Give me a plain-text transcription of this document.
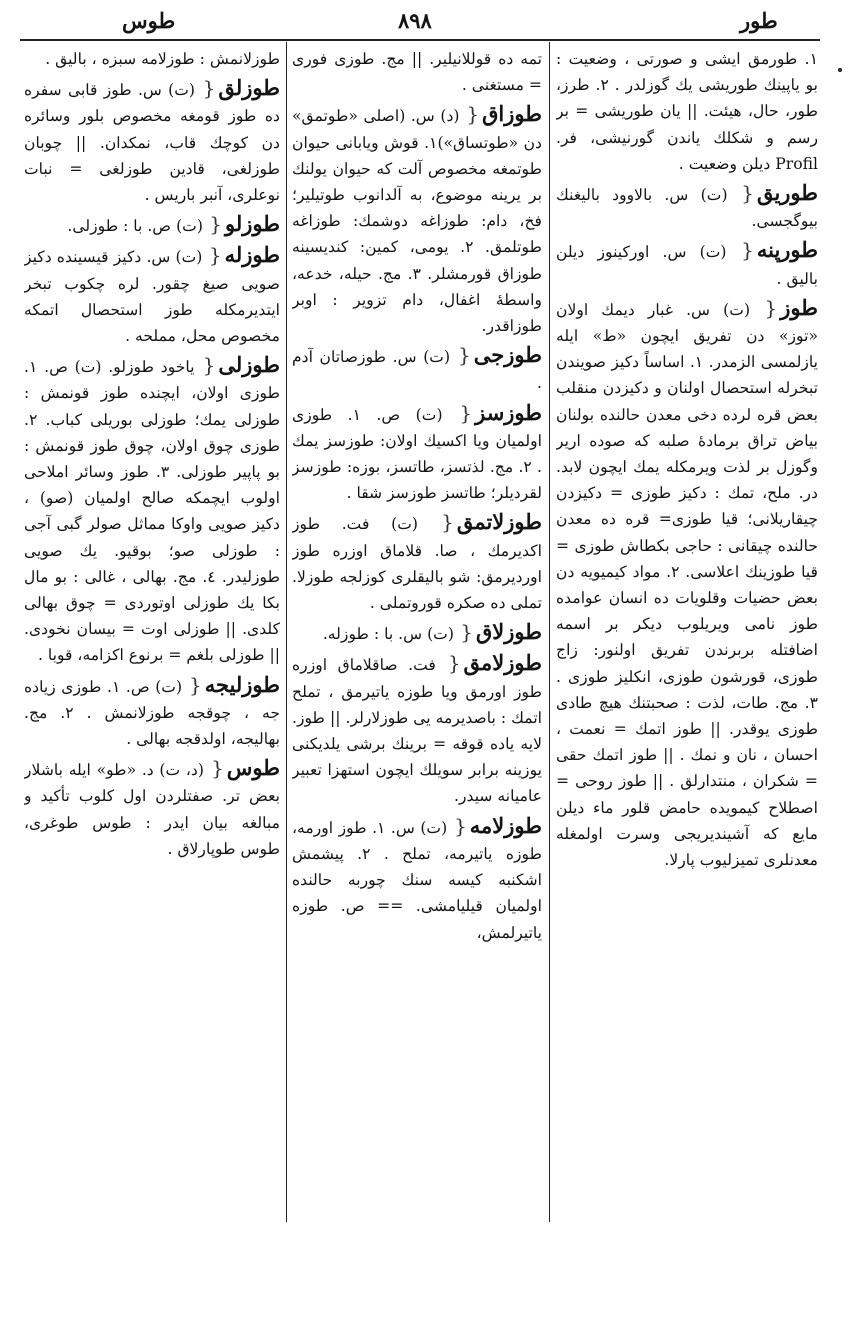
طوس	٨٩٨	طور
١. طورمق ایشی و صورتی ، وضعیت : بو یاپینك طوریشی یك گوزلدر . ٢. طرز، طور، حال، هیئت. || یان طوریشی = بر رسم و شكلك یاندن گورنیشی، فر. Profil دیلن وضعیت .
طوریق{ (ت) س. بالاوود بالیغنك بیوگجسی.
طورپنه{ (ت) س. اوركینوز دیلن بالیق .
طوز{ (ت) س. غبار دیمك اولان «توز» دن تفریق ایچون «ط» ایله یازلمسی الزمدر. ١. اساساً دكیز صویندن تبخرله استحصال اولنان و دكیزدن منقلب بعض قره لرده دخی معدن حالنده بولنان بیاض تراق برمادهٔ صلبه كه صوده اریر وگوزل بر لذت ویرمكله یمك ایچون لابد. در. ملح، تمك : دكیز طوزی = دكیزدن چیقاریلانی؛ قیا طوزی= قره ده معدن حالنده چیقانی : حاجی بكطاش طوزی = قیا طوزینك اعلاسی. ٢. مواد كیمیویه دن بعض حضیات وقلویات ده انسان عوامده طوز نامی ویریلوب دیكر بر اسمه اضافتله بربرندن تفریق اولنور: زاج طوزی، قورشون طوزی، انكلیز طوزی . ٣. مج. طات، لذت : صحبتنك هیچ طادی طوزی یوقدر. || طوز اتمك = نعمت ، احسان ، نان و نمك . || طوز اتمك حقی = شكران ، منتدارلق . || طوز روحی = اصطلاح كیمویده حامض قلور ماء دیلن مایع كه آشیندیریجی وسرت اولمغله معدنلری تمیزلیوب پارلا.
تمه ده قوللانیلیر. || مج. طوزی فوری = مستغنی .
طوزاق{ (د) س. (اصلی «طوتمق» دن «طوتساق»)١. قوش ویابانی حیوان طوتمغه مخصوص آلت كه حیوان یولنك بر یرینه موضوع، به آلدانوب طوتیلیر؛ فخ، دام: طوزاغه دوشمك: طوزاغه طوتلمق. ٢. یومی، كمین: كندیسینه طوزاق قورمشلر. ٣. مج. حیله، خدعه، واسطهٔ اغفال، دام تزویر : اوبر طوزاقدر.
طوزجی{ (ت) س. طوزصاتان آدم .
طوزسز{ (ت) ص. ١. طوزی اولمیان ویا اكسیك اولان: طوزسز یمك . ٢. مج. لذتسز، طاتسز، بوزه: طوزسز لقردیلر؛ طاتسز طوزسز شقا .
طوزلاتمق{ (ت) فت. طوز اكدیرمك ، صا. قلاماق اوزره طوز اوردیرمق: شو بالیقلری كوزلجه طوزلا. تملی ده صكره قوروتملی .
طوزلاق{ (ت) س. با : طوزله.
طوزلامق{ فت. صاقلاماق اوزره طوز اورمق ویا طوزه یاتیرمق ، تملح اتمك : باصدیرمه یی طوزلارلر. || طوز. لایه یاده قوقه = برینك برشی یلدیكنی یوزینه برابر سویلك ایچون استهزا تعبیر عامیانه سیدر.
طوزلامه{ (ت) س. ١. طوز اورمه، طوزه یاتیرمه، تملح . ٢. پیشمش اشكنبه كیسه سنك چوربه حالنده اولمیان قیلیامشی. == ص. طوزه یاتیرلمش،
طوزلانمش : طوزلامه سبزه ، بالیق .
طوزلق{ (ت) س. طوز قابی سفره ده طوز قومغه مخصوص بلور وسائره دن كوچك قاب، نمكدان. || چوبان طوزلغی، قادین طوزلغی = نبات نوعلری، آنبر باریس .
طوزلو{ (ت) ص. با : طوزلی.
طوزله{ (ت) س. دكیز قیسینده دكیز صویی صیغ چقور. لره چكوب تبخر ایتدیرمكله طوز استحصال اتمكه مخصوص محل، مملحه .
طوزلی{ یاخود طوزلو. (ت) ص. ١. طوزی اولان، ایچنده طوز قونمش : طوزلی یمك؛ طوزلی بوریلی كباب. ٢. طوزی چوق اولان، چوق طوز قونمش : بو پاپیر طوزلی. ٣. طوز وسائر املاحی اولوب ایچمكه صالح اولمیان (صو) ، دكیز صویی واوكا مماثل صولر گبی آجی : طوزلی صو؛ بوقیو. یك صویی طوزلیدر. ٤. مج. بهالی ، غالی : بو مال بكا یك طوزلی اوتوردی = چوق بهالی كلدی. || طوزلی اوت = بیسان نخودی. || طوزلی بلغم = برنوع اكزامه، قوبا .
طوزلیجه{ (ت) ص. ١. طوزی زیاده جه ، چوقجه طوزلانمش . ٢. مج. بهالیجه، اولدقجه بهالی .
طوس{ (د، ت) د. «طو» ایله باشلار بعض تر. صفتلردن اول كلوب تأكید و مبالغه بیان ایدر : طوس طوغری، طوس طوپارلاق .
